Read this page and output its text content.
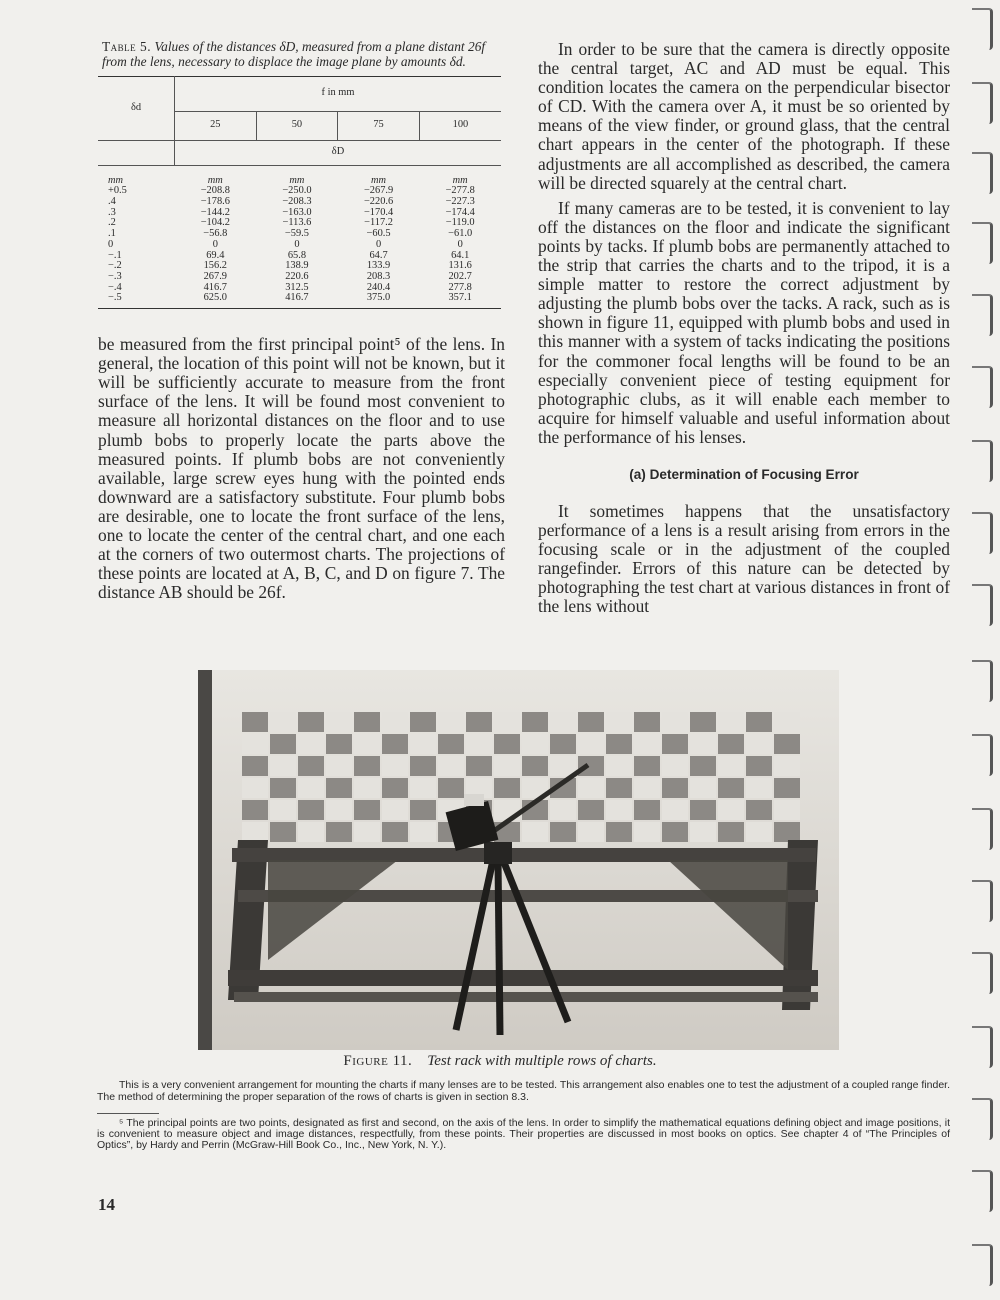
Table 5. Values of the distances δD, measured from a plane distant 26f from the lens, necessary to displace the image plane by amounts δd.

δd	f in mm			
	25	50	75	100
	δD			
mm	mm	mm	mm	mm
+0.5	−208.8	−250.0	−267.9	−277.8
.4	−178.6	−208.3	−220.6	−227.3
.3	−144.2	−163.0	−170.4	−174.4
.2	−104.2	−113.6	−117.2	−119.0
.1	−56.8	−59.5	−60.5	−61.0
0	0	0	0	0
−.1	69.4	65.8	64.7	64.1
−.2	156.2	138.9	133.9	131.6
−.3	267.9	220.6	208.3	202.7
−.4	416.7	312.5	240.4	277.8
−.5	625.0	416.7	375.0	357.1

be measured from the first principal point⁵ of the lens. In general, the location of this point will not be known, but it will be sufficiently accurate to measure from the front surface of the lens. It will be found most convenient to measure all horizontal distances on the floor and to use plumb bobs to properly locate the parts above the measured points. If plumb bobs are not conveniently available, large screw eyes hung with the pointed ends downward are a satisfactory substitute. Four plumb bobs are desirable, one to locate the front surface of the lens, one to locate the center of the central chart, and one each at the corners of two outermost charts. The projections of these points are located at A, B, C, and D on figure 7. The distance AB should be 26f.

In order to be sure that the camera is directly opposite the central target, AC and AD must be equal. This condition locates the camera on the perpendicular bisector of CD. With the camera over A, it must be so oriented by means of the view finder, or ground glass, that the central chart appears in the center of the photograph. If these adjustments are all accomplished as described, the camera will be directed squarely at the central chart.

If many cameras are to be tested, it is convenient to lay off the distances on the floor and indicate the significant points by tacks. If plumb bobs are permanently attached to the strip that carries the charts and to the tripod, it is a simple matter to restore the correct adjustment by adjusting the plumb bobs over the tacks. A rack, such as is shown in figure 11, equipped with plumb bobs and used in this manner with a system of tacks indicating the positions for the commoner focal lengths will be found to be an especially convenient piece of testing equipment for photographic clubs, as it will enable each member to acquire for himself valuable and useful information about the performance of his lenses.

(a) Determination of Focusing Error

It sometimes happens that the unsatisfactory performance of a lens is a result arising from errors in the focusing scale or in the adjustment of the coupled rangefinder. Errors of this nature can be detected by photographing the test chart at various distances in front of the lens without

Figure 11. Test rack with multiple rows of charts.

This is a very convenient arrangement for mounting the charts if many lenses are to be tested. This arrangement also enables one to test the adjustment of a coupled range finder. The method of determining the proper separation of the rows of charts is given in section 8.3.

⁵ The principal points are two points, designated as first and second, on the axis of the lens. In order to simplify the mathematical equations defining object and image positions, it is convenient to measure object and image distances, respectfully, from these points. Their properties are discussed in most books on optics. See chapter 4 of “The Principles of Optics”, by Hardy and Perrin (McGraw-Hill Book Co., Inc., New York, N. Y.).

14
